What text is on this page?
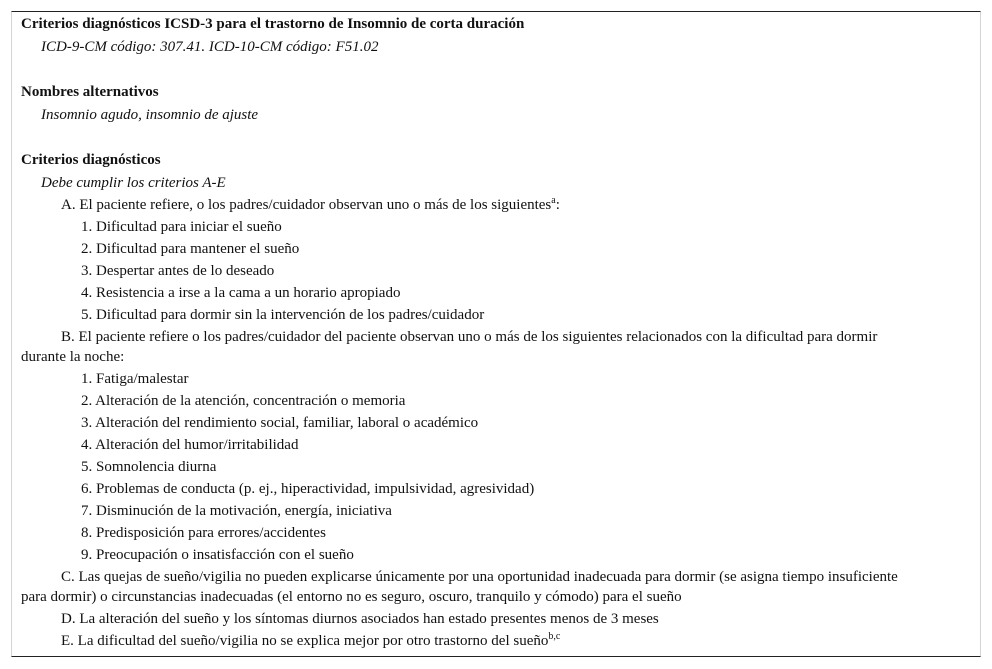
Criterios diagnósticos ICSD-3 para el trastorno de Insomnio de corta duración
ICD-9-CM código: 307.41. ICD-10-CM código: F51.02
Nombres alternativos
Insomnio agudo, insomnio de ajuste
Criterios diagnósticos
Debe cumplir los criterios A-E
A. El paciente refiere, o los padres/cuidador observan uno o más de los siguientes$^a$:
1. Dificultad para iniciar el sueño
2. Dificultad para mantener el sueño
3. Despertar antes de lo deseado
4. Resistencia a irse a la cama a un horario apropiado
5. Dificultad para dormir sin la intervención de los padres/cuidador
B. El paciente refiere o los padres/cuidador del paciente observan uno o más de los siguientes relacionados con la dificultad para dormir
durante la noche:
1. Fatiga/malestar
2. Alteración de la atención, concentración o memoria
3. Alteración del rendimiento social, familiar, laboral o académico
4. Alteración del humor/irritabilidad
5. Somnolencia diurna
6. Problemas de conducta (p. ej., hiperactividad, impulsividad, agresividad)
7. Disminución de la motivación, energía, iniciativa
8. Predisposición para errores/accidentes
9. Preocupación o insatisfacción con el sueño
C. Las quejas de sueño/vigilia no pueden explicarse únicamente por una oportunidad inadecuada para dormir (se asigna tiempo insuficiente
para dormir) o circunstancias inadecuadas (el entorno no es seguro, oscuro, tranquilo y cómodo) para el sueño
D. La alteración del sueño y los síntomas diurnos asociados han estado presentes menos de 3 meses
E. La dificultad del sueño/vigilia no se explica mejor por otro trastorno del sueño$^{b,c}$
